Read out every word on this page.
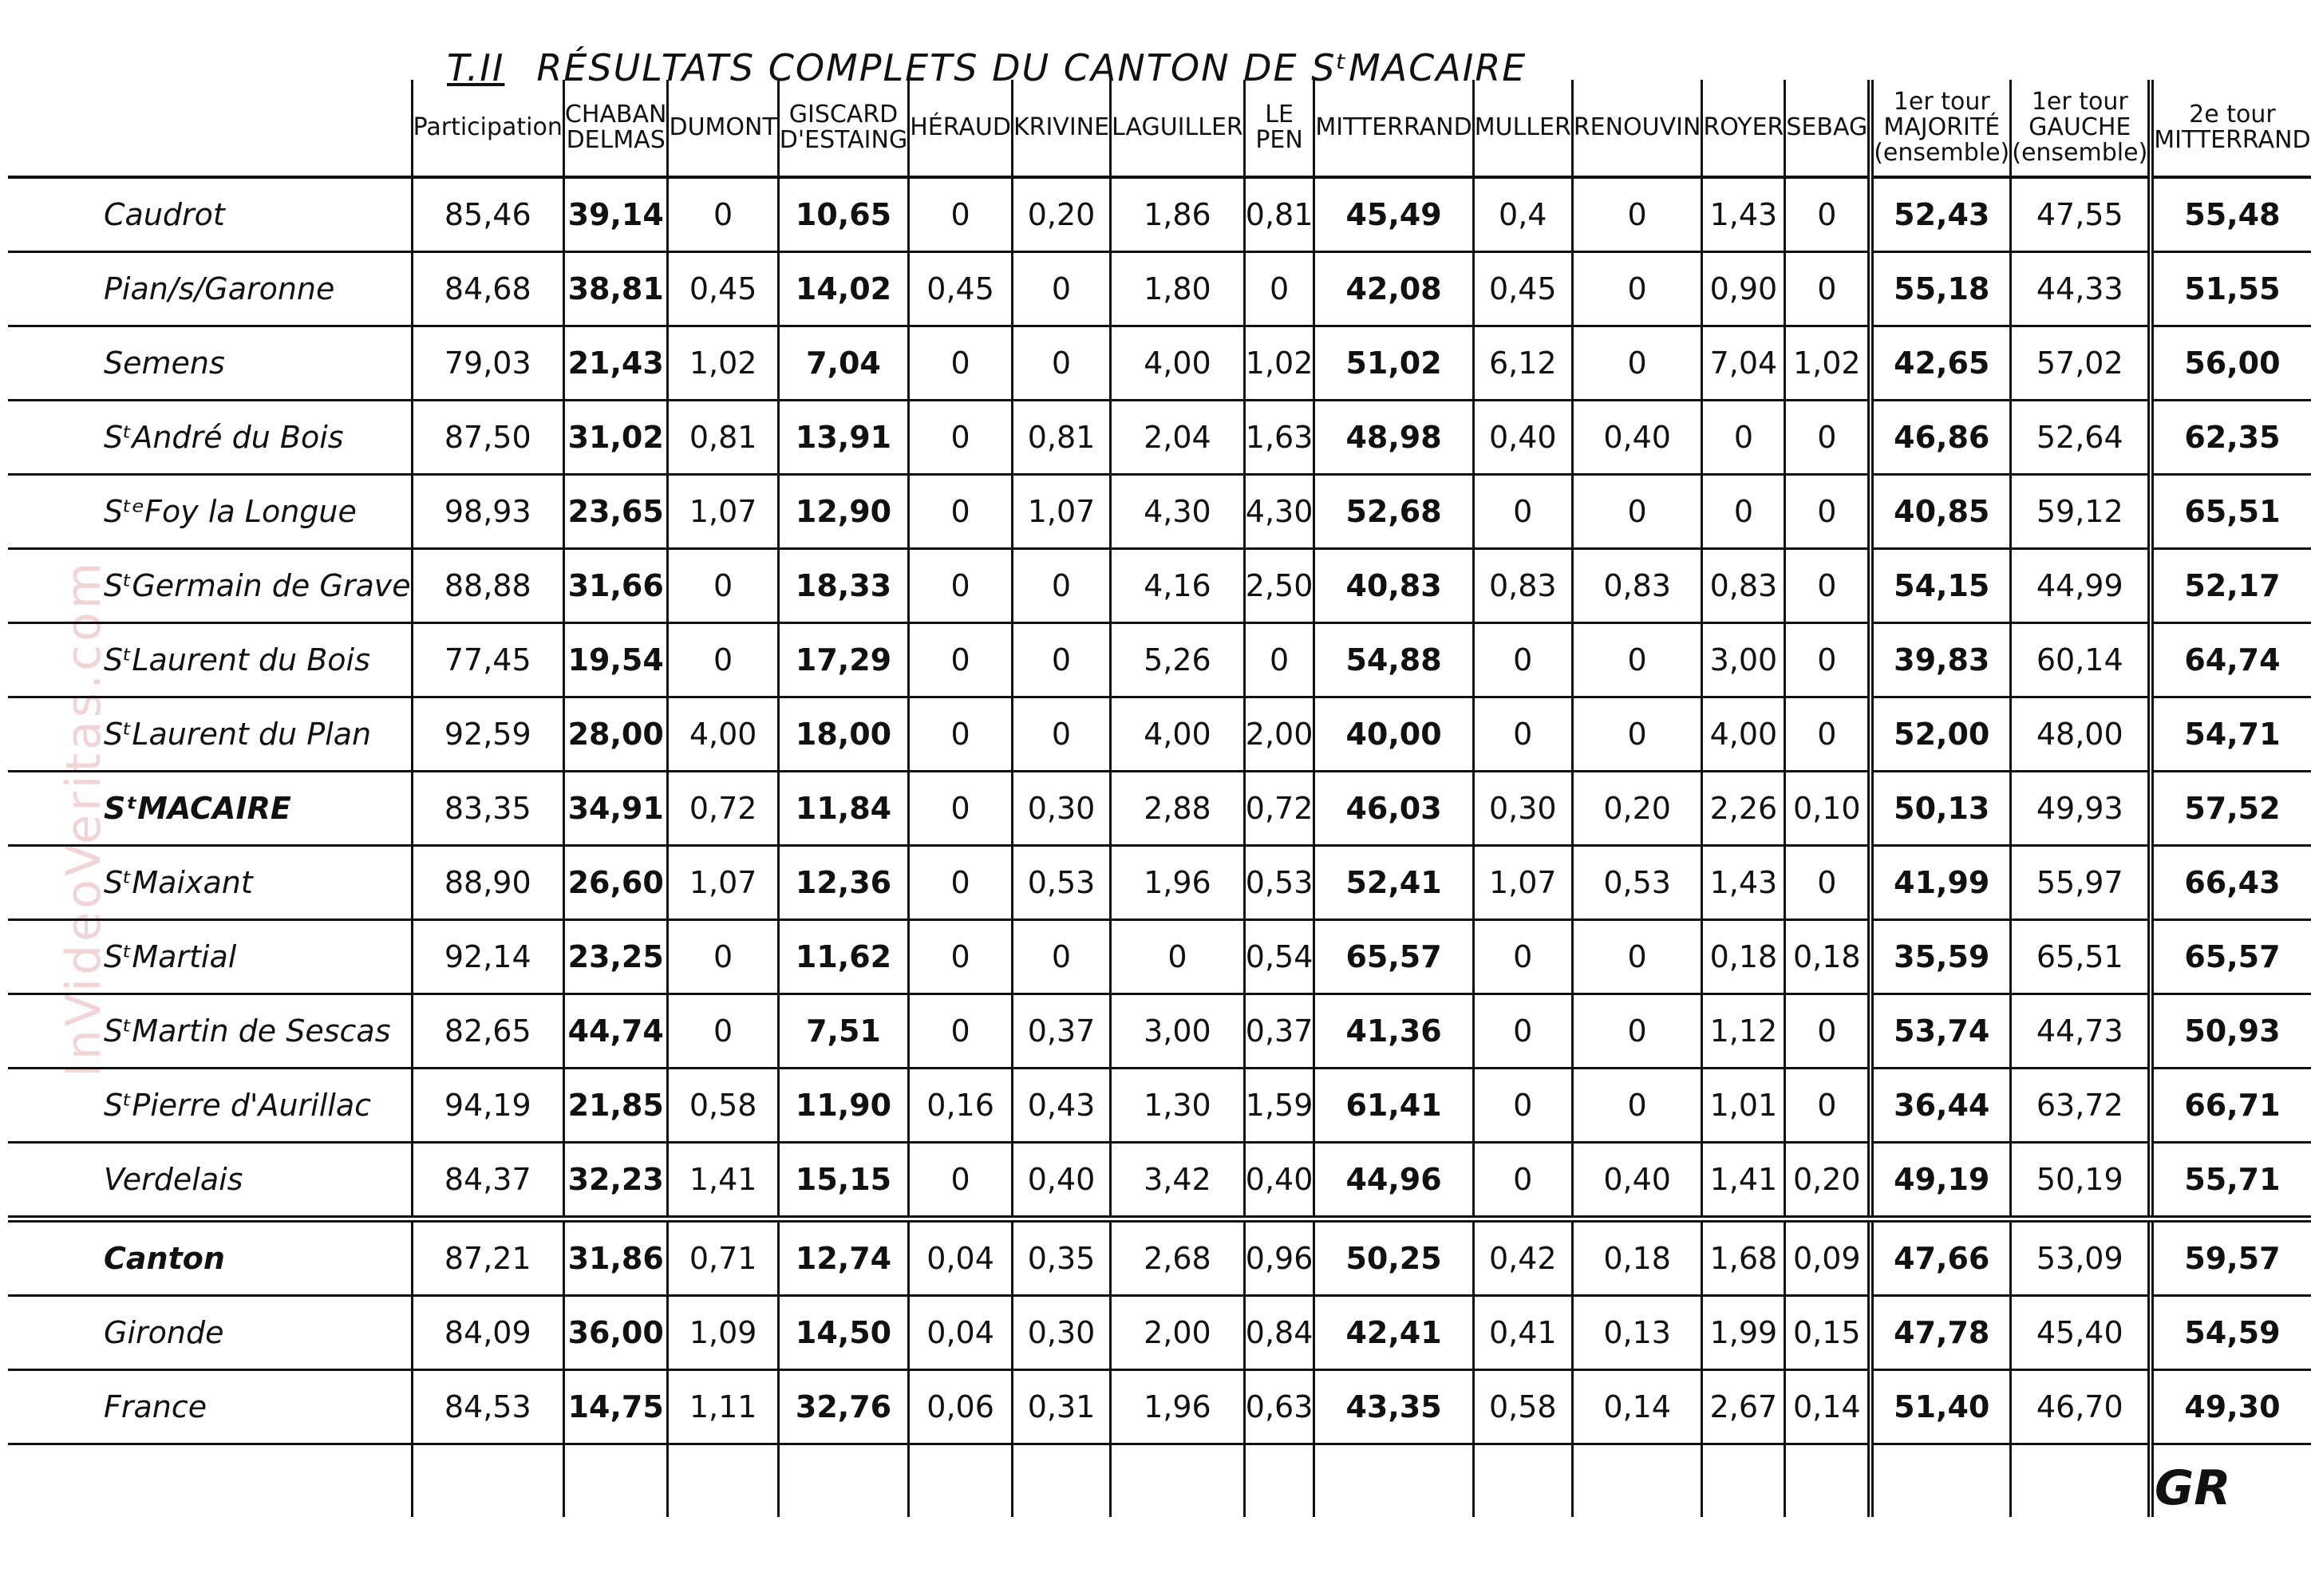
T.II RÉSULTATS COMPLETS DU CANTON DE SᵗMACAIRE
InVideoVeritas.com
	Participation	CHABAN DELMAS	DUMONT	GISCARD D'ESTAING	HÉRAUD	KRIVINE	LAGUILLER	LE PEN	MITTERRAND	MULLER	RENOUVIN	ROYER	SEBAG	1er tour MAJORITÉ (ensemble)	1er tour GAUCHE (ensemble)	2e tour MITTERRAND
Caudrot	85,46	39,14	0	10,65	0	0,20	1,86	0,81	45,49	0,4	0	1,43	0	52,43	47,55	55,48
Pian/s/Garonne	84,68	38,81	0,45	14,02	0,45	0	1,80	0	42,08	0,45	0	0,90	0	55,18	44,33	51,55
Semens	79,03	21,43	1,02	7,04	0	0	4,00	1,02	51,02	6,12	0	7,04	1,02	42,65	57,02	56,00
SᵗAndré du Bois	87,50	31,02	0,81	13,91	0	0,81	2,04	1,63	48,98	0,40	0,40	0	0	46,86	52,64	62,35
SᵗᵉFoy la Longue	98,93	23,65	1,07	12,90	0	1,07	4,30	4,30	52,68	0	0	0	0	40,85	59,12	65,51
SᵗGermain de Grave	88,88	31,66	0	18,33	0	0	4,16	2,50	40,83	0,83	0,83	0,83	0	54,15	44,99	52,17
SᵗLaurent du Bois	77,45	19,54	0	17,29	0	0	5,26	0	54,88	0	0	3,00	0	39,83	60,14	64,74
SᵗLaurent du Plan	92,59	28,00	4,00	18,00	0	0	4,00	2,00	40,00	0	0	4,00	0	52,00	48,00	54,71
SᵗMACAIRE	83,35	34,91	0,72	11,84	0	0,30	2,88	0,72	46,03	0,30	0,20	2,26	0,10	50,13	49,93	57,52
SᵗMaixant	88,90	26,60	1,07	12,36	0	0,53	1,96	0,53	52,41	1,07	0,53	1,43	0	41,99	55,97	66,43
SᵗMartial	92,14	23,25	0	11,62	0	0	0	0,54	65,57	0	0	0,18	0,18	35,59	65,51	65,57
SᵗMartin de Sescas	82,65	44,74	0	7,51	0	0,37	3,00	0,37	41,36	0	0	1,12	0	53,74	44,73	50,93
SᵗPierre d'Aurillac	94,19	21,85	0,58	11,90	0,16	0,43	1,30	1,59	61,41	0	0	1,01	0	36,44	63,72	66,71
Verdelais	84,37	32,23	1,41	15,15	0	0,40	3,42	0,40	44,96	0	0,40	1,41	0,20	49,19	50,19	55,71
Canton	87,21	31,86	0,71	12,74	0,04	0,35	2,68	0,96	50,25	0,42	0,18	1,68	0,09	47,66	53,09	59,57
Gironde	84,09	36,00	1,09	14,50	0,04	0,30	2,00	0,84	42,41	0,41	0,13	1,99	0,15	47,78	45,40	54,59
France	84,53	14,75	1,11	32,76	0,06	0,31	1,96	0,63	43,35	0,58	0,14	2,67	0,14	51,40	46,70	49,30

GR
